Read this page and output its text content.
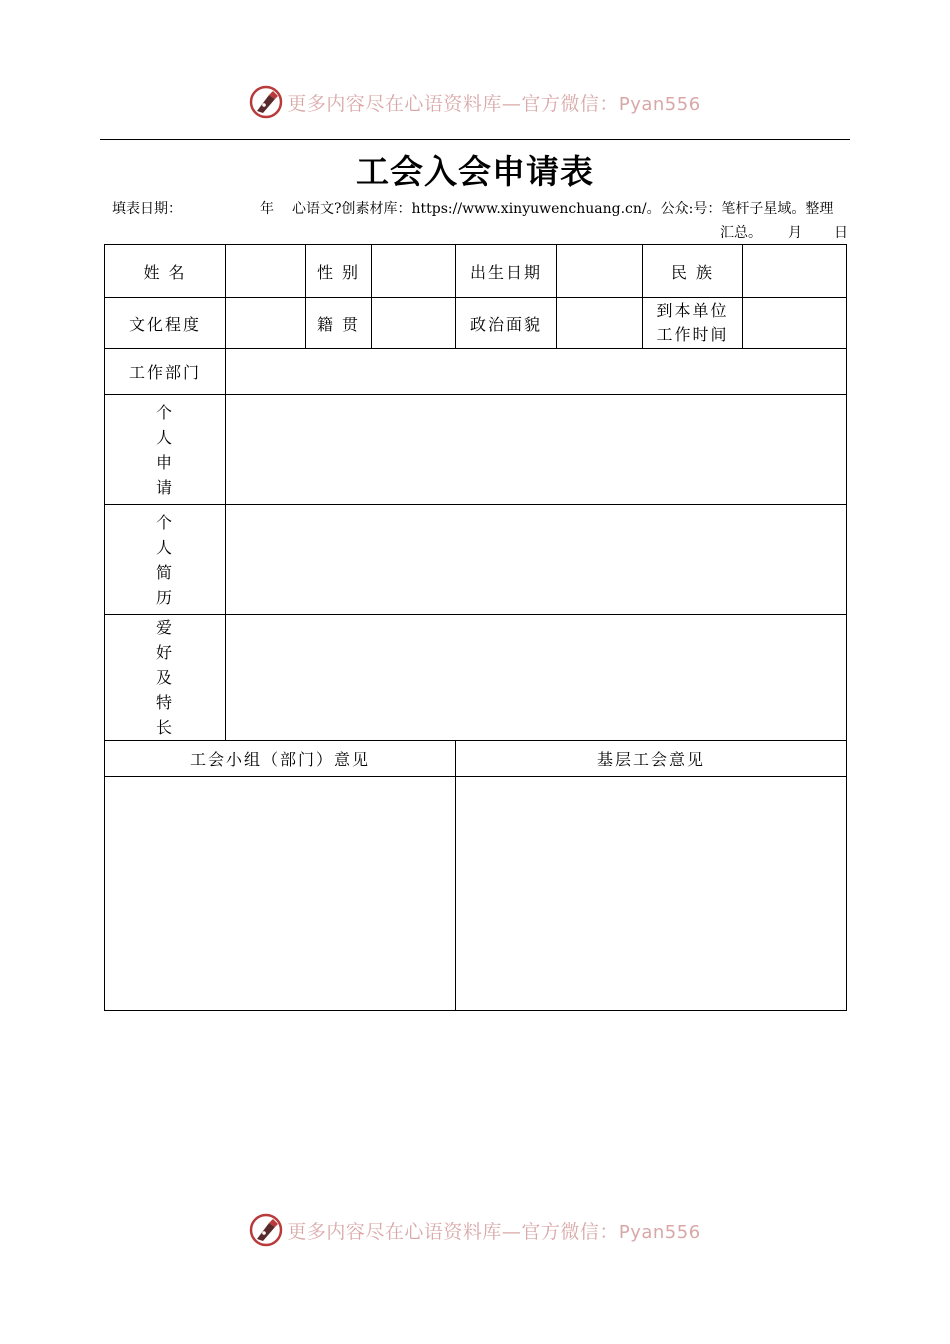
更多内容尽在心语资料库—官方微信：Pyan556
工会入会申请表
填表日期：	年 心语文?创素材库：https://www.xinyuwenchuang.cn/。公众:号：笔杆子星域。整理
汇总。 月 日
姓 名		性 别		出生日期		民 族	
文化程度		籍 贯		政治面貌		到本单位
工作时间	

工作部门							

个
人
申
请							

个
人
简
历							

爱
好
及
特
长							

工会小组（部门）意见				基层工会意见			

更多内容尽在心语资料库—官方微信：Pyan556
